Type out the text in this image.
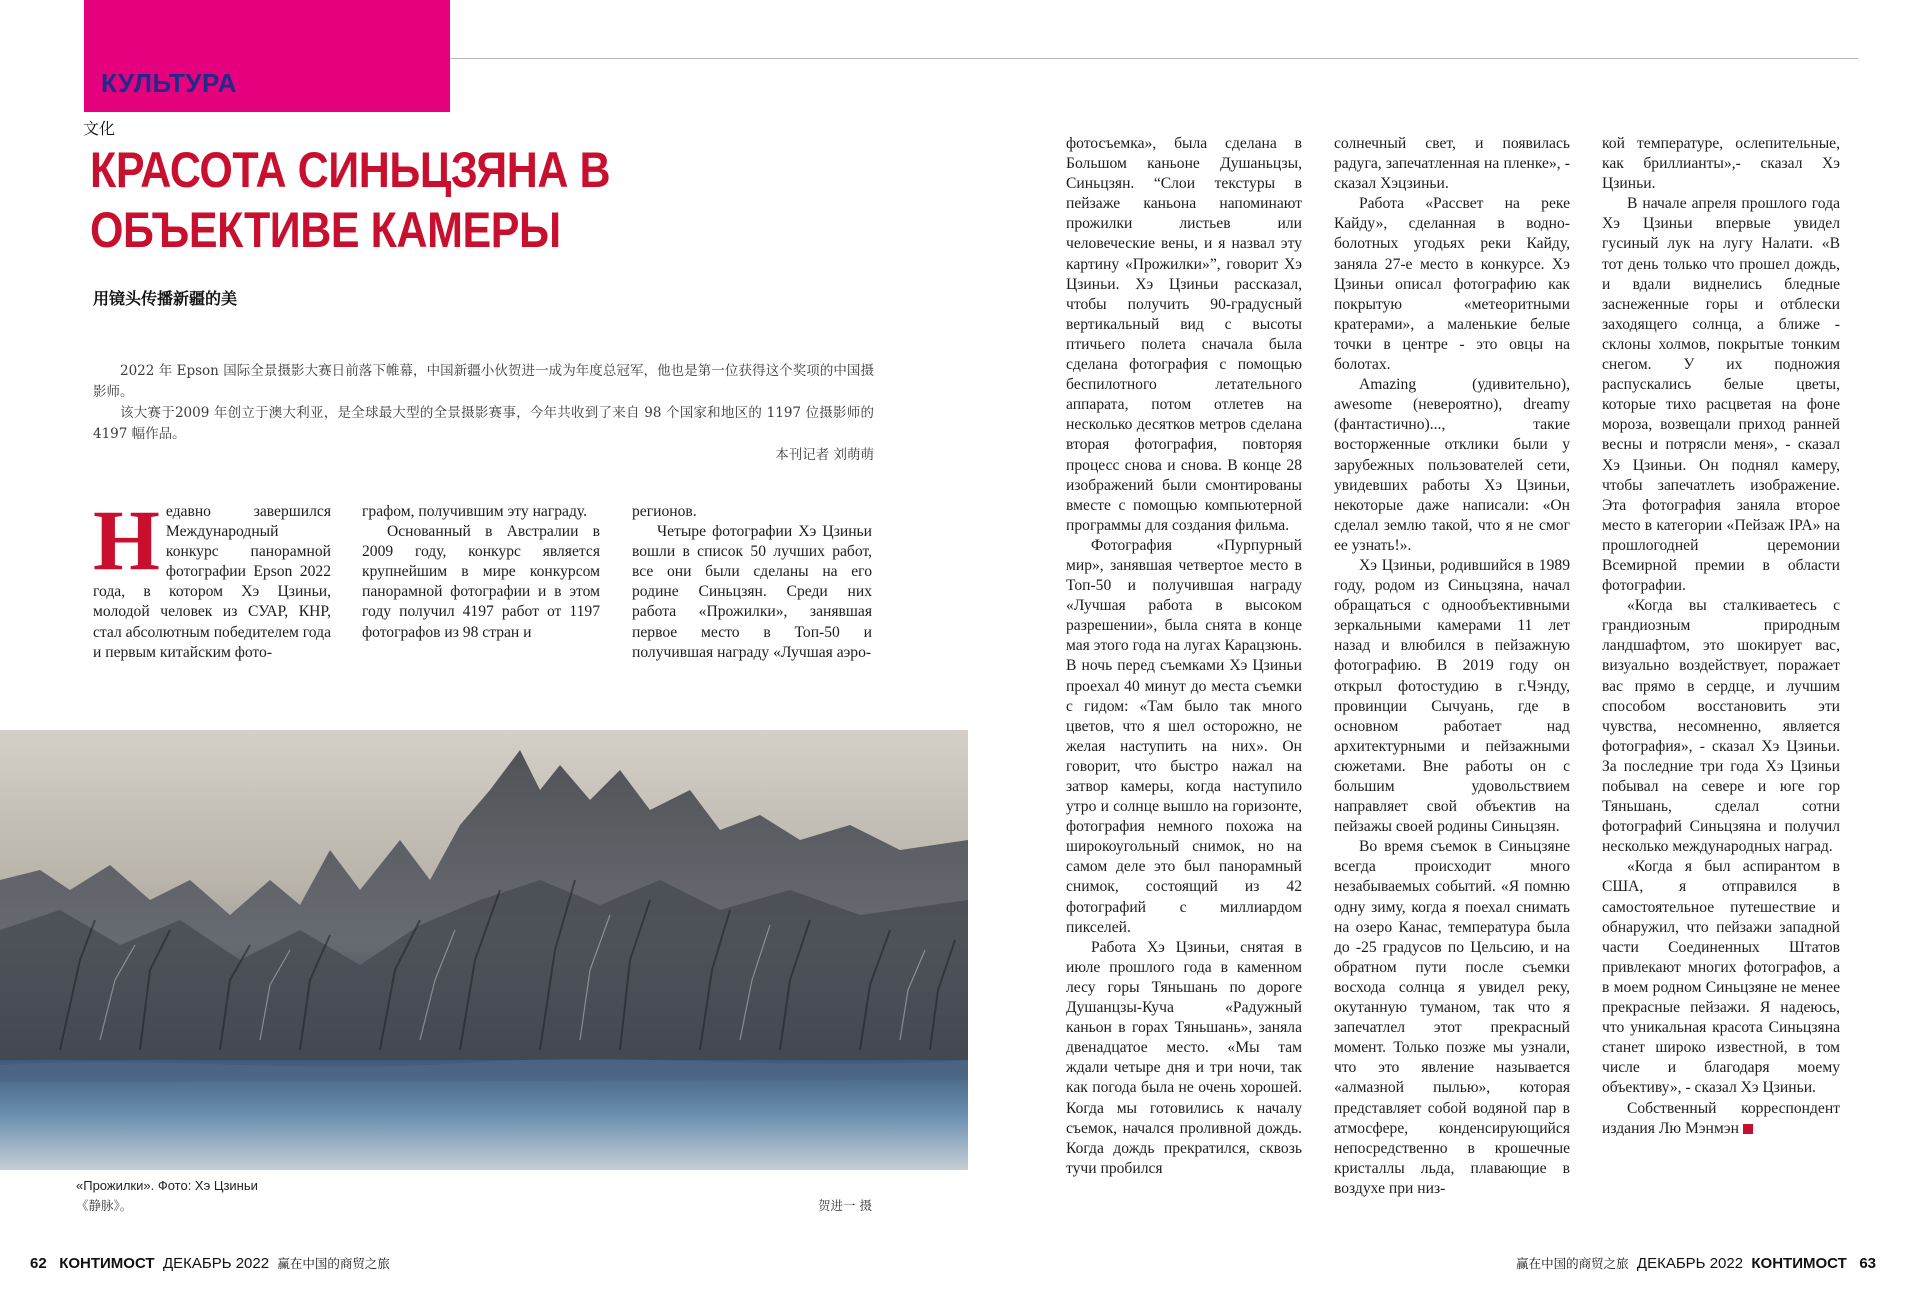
КУЛЬТУРА
文化
КРАСОТА СИНЬЦЗЯНА В
ОБЪЕКТИВЕ КАМЕРЫ
用镜头传播新疆的美

2022 年 Epson 国际全景摄影大赛日前落下帷幕，中国新疆小伙贺进一成为年度总冠军，他也是第一位获得这个奖项的中国摄影师。

该大赛于2009 年创立于澳大利亚，是全球最大型的全景摄影赛事，今年共收到了来自 98 个国家和地区的 1197 位摄影师的 4197 幅作品。

本刊记者 刘萌萌

Недавно завершился Международный конкурс панорамной фотографии Epson 2022 года, в котором Хэ Цзиньи, молодой человек из СУАР, КНР, стал абсолютным победителем года и первым китайским фото-

графом, получившим эту награду.

Основанный в Австралии в 2009 году, конкурс является крупнейшим в мире конкурсом панорамной фотографии и в этом году получил 4197 работ от 1197 фотографов из 98 стран и

регионов.

Четыре фотографии Хэ Цзиньи вошли в список 50 лучших работ, все они были сделаны на его родине Синьцзян. Среди них работа «Прожилки», занявшая первое место в Топ-50 и получившая награду «Лучшая аэро-

«Прожилки». Фото: Хэ Цзиньи
《静脉》。	贺进一 摄

фотосъемка», была сделана в Большом каньоне Душаньцзы, Синьцзян. “Слои текстуры в пейзаже каньона напоминают прожилки листьев или человеческие вены, и я назвал эту картину «Прожилки»”, говорит Хэ Цзиньи. Хэ Цзиньи рассказал, чтобы получить 90-градусный вертикальный вид с высоты птичьего полета сначала была сделана фотография с помощью беспилотного летательного аппарата, потом отлетев на несколько десятков метров сделана вторая фотография, повторяя процесс снова и снова. В конце 28 изображений были смонтированы вместе с помощью компьютерной программы для создания фильма.

Фотография «Пурпурный мир», занявшая четвертое место в Топ-50 и получившая награду «Лучшая работа в высоком разрешении», была снята в конце мая этого года на лугах Карацзюнь. В ночь перед съемками Хэ Цзиньи проехал 40 минут до места съемки с гидом: «Там было так много цветов, что я шел осторожно, не желая наступить на них». Он говорит, что быстро нажал на затвор камеры, когда наступило утро и солнце вышло на горизонте, фотография немного похожа на широкоугольный снимок, но на самом деле это был панорамный снимок, состоящий из 42 фотографий с миллиардом пикселей.

Работа Хэ Цзиньи, снятая в июле прошлого года в каменном лесу горы Тяньшань по дороге Душанцзы-Куча «Радужный каньон в горах Тяньшань», заняла двенадцатое место. «Мы там ждали четыре дня и три ночи, так как погода была не очень хорошей. Когда мы готовились к началу съемок, начался проливной дождь. Когда дождь прекратился, сквозь тучи пробился

солнечный свет, и появилась радуга, запечатленная на пленке», - сказал Хэцзиньи.

Работа «Рассвет на реке Кайду», сделанная в водно-болотных угодьях реки Кайду, заняла 27-е место в конкурсе. Хэ Цзиньи описал фотографию как покрытую «метеоритными кратерами», а маленькие белые точки в центре - это овцы на болотах.

Amazing (удивительно), awesome (невероятно), dreamy (фантастично)..., такие восторженные отклики были у зарубежных пользователей сети, увидевших работы Хэ Цзиньи, некоторые даже написали: «Он сделал землю такой, что я не смог ее узнать!».

Хэ Цзиньи, родившийся в 1989 году, родом из Синьцзяна, начал обращаться с однообъективными зеркальными камерами 11 лет назад и влюбился в пейзажную фотографию. В 2019 году он открыл фотостудию в г.Чэнду, провинции Сычуань, где в основном работает над архитектурными и пейзажными сюжетами. Вне работы он с большим удовольствием направляет свой объектив на пейзажы своей родины Синьцзян.

Во время съемок в Синьцзяне всегда происходит много незабываемых событий. «Я помню одну зиму, когда я поехал снимать на озеро Канас, температура была до -25 градусов по Цельсию, и на обратном пути после съемки восхода солнца я увидел реку, окутанную туманом, так что я запечатлел этот прекрасный момент. Только позже мы узнали, что это явление называется «алмазной пылью», которая представляет собой водяной пар в атмосфере, конденсирующийся непосредственно в крошечные кристаллы льда, плавающие в воздухе при низ-

кой температуре, ослепительные, как бриллианты»,- сказал Хэ Цзиньи.

В начале апреля прошлого года Хэ Цзиньи впервые увидел гусиный лук на лугу Налати. «В тот день только что прошел дождь, и вдали виднелись бледные заснеженные горы и отблески заходящего солнца, а ближе - склоны холмов, покрытые тонким снегом. У их подножия распускались белые цветы, которые тихо расцветая на фоне мороза, возвещали приход ранней весны и потрясли меня», - сказал Хэ Цзиньи. Он поднял камеру, чтобы запечатлеть изображение. Эта фотография заняла второе место в категории «Пейзаж IPA» на прошлогодней церемонии Всемирной премии в области фотографии.

«Когда вы сталкиваетесь с грандиозным природным ландшафтом, это шокирует вас, визуально воздействует, поражает вас прямо в сердце, и лучшим способом восстановить эти чувства, несомненно, является фотография», - сказал Хэ Цзиньи. За последние три года Хэ Цзиньи побывал на севере и юге гор Тяньшань, сделал сотни фотографий Синьцзяна и получил несколько международных наград.

«Когда я был аспирантом в США, я отправился в самостоятельное путешествие и обнаружил, что пейзажи западной части Соединенных Штатов привлекают многих фотографов, а в моем родном Синьцзяне не менее прекрасные пейзажи. Я надеюсь, что уникальная красота Синьцзяна станет широко известной, в том числе и благодаря моему объективу», - сказал Хэ Цзиньи.

Собственный корреспондент издания Лю Мэнмэн

62 КОНТИМОСТ ДЕКАБРЬ 2022 赢在中国的商贸之旅	赢在中国的商贸之旅 ДЕКАБРЬ 2022 КОНТИМОСТ 63
